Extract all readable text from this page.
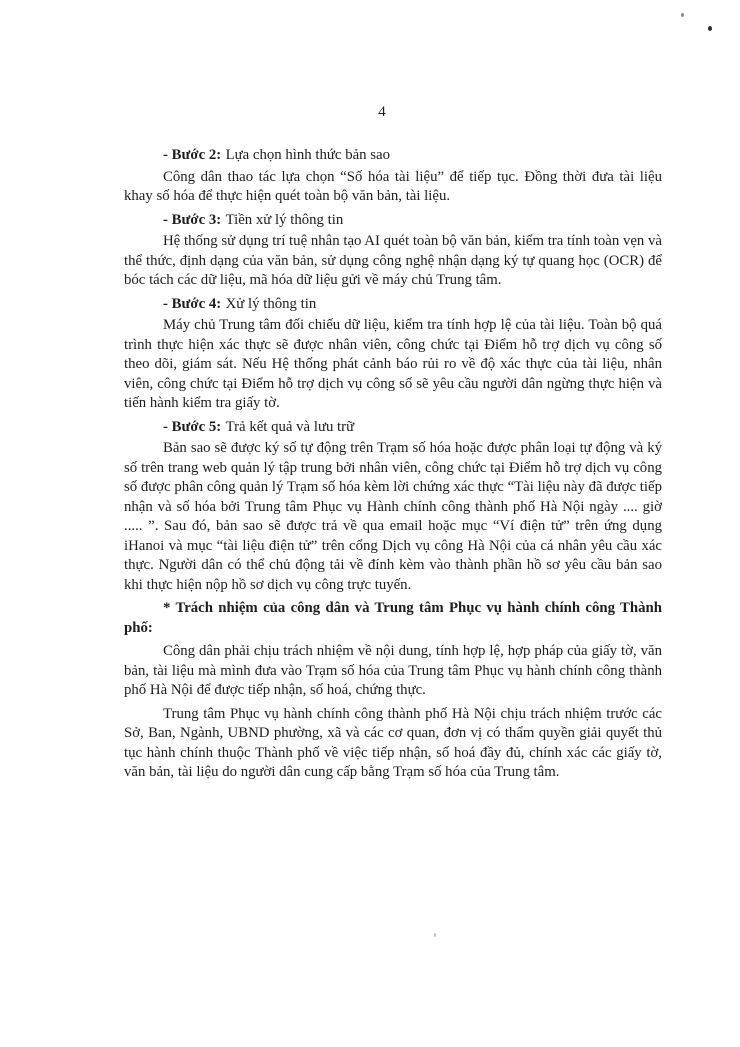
4

- Bước 2: Lựa chọn hình thức bản sao

Công dân thao tác lựa chọn “Số hóa tài liệu” để tiếp tục. Đồng thời đưa tài liệu khay số hóa để thực hiện quét toàn bộ văn bản, tài liệu.

- Bước 3: Tiền xử lý thông tin

Hệ thống sử dụng trí tuệ nhân tạo AI quét toàn bộ văn bản, kiểm tra tính toàn vẹn và thể thức, định dạng của văn bản, sử dụng công nghệ nhận dạng ký tự quang học (OCR) để bóc tách các dữ liệu, mã hóa dữ liệu gửi về máy chủ Trung tâm.

- Bước 4: Xử lý thông tin

Máy chủ Trung tâm đối chiếu dữ liệu, kiểm tra tính hợp lệ của tài liệu. Toàn bộ quá trình thực hiện xác thực sẽ được nhân viên, công chức tại Điểm hỗ trợ dịch vụ công số theo dõi, giám sát. Nếu Hệ thống phát cảnh báo rủi ro về độ xác thực của tài liệu, nhân viên, công chức tại Điểm hỗ trợ dịch vụ công số sẽ yêu cầu người dân ngừng thực hiện và tiến hành kiểm tra giấy tờ.

- Bước 5: Trả kết quả và lưu trữ

Bản sao sẽ được ký số tự động trên Trạm số hóa hoặc được phân loại tự động và ký số trên trang web quản lý tập trung bởi nhân viên, công chức tại Điểm hỗ trợ dịch vụ công số được phân công quản lý Trạm số hóa kèm lời chứng xác thực “Tài liệu này đã được tiếp nhận và số hóa bởi Trung tâm Phục vụ Hành chính công thành phố Hà Nội ngày .... giờ ..... ”. Sau đó, bản sao sẽ được trả về qua email hoặc mục “Ví điện tử” trên ứng dụng iHanoi và mục “tài liệu điện tử” trên cổng Dịch vụ công Hà Nội của cá nhân yêu cầu xác thực. Người dân có thể chủ động tải về đính kèm vào thành phần hồ sơ yêu cầu bản sao khi thực hiện nộp hồ sơ dịch vụ công trực tuyến.

* Trách nhiệm của công dân và Trung tâm Phục vụ hành chính công Thành phố:

Công dân phải chịu trách nhiệm về nội dung, tính hợp lệ, hợp pháp của giấy tờ, văn bản, tài liệu mà mình đưa vào Trạm số hóa của Trung tâm Phục vụ hành chính công thành phố Hà Nội để được tiếp nhận, số hoá, chứng thực.

Trung tâm Phục vụ hành chính công thành phố Hà Nội chịu trách nhiệm trước các Sở, Ban, Ngành, UBND phường, xã và các cơ quan, đơn vị có thẩm quyền giải quyết thủ tục hành chính thuộc Thành phố về việc tiếp nhận, số hoá đầy đủ, chính xác các giấy tờ, văn bản, tài liệu do người dân cung cấp bằng Trạm số hóa của Trung tâm.
